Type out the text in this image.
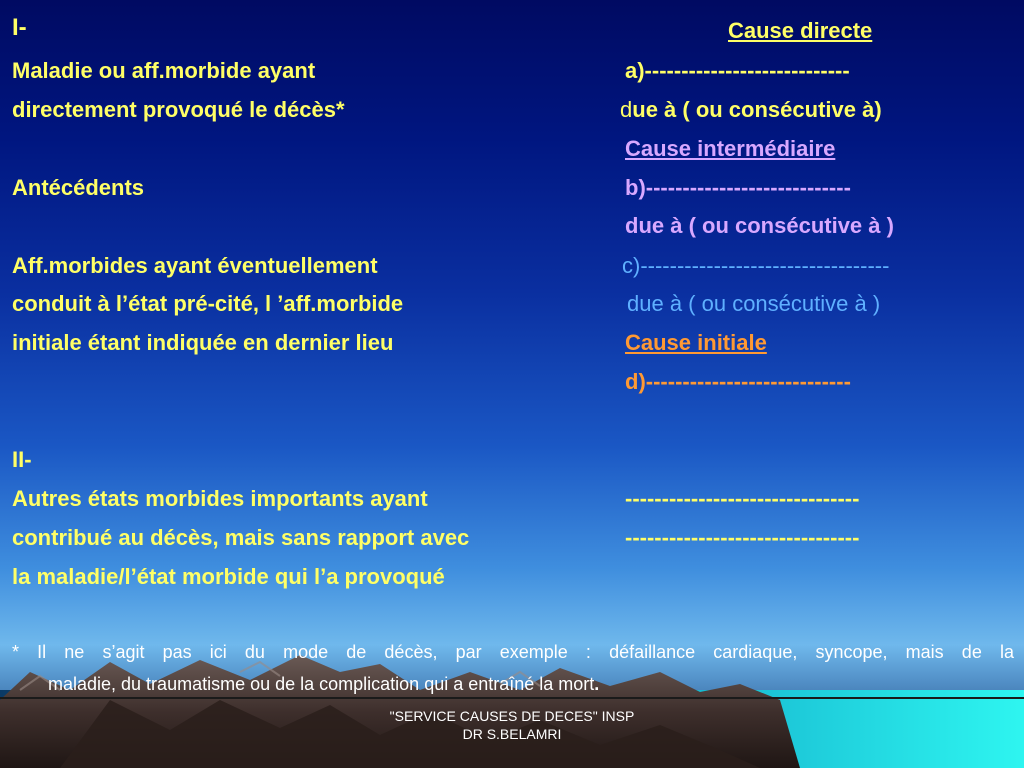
I-	Cause directe
Maladie ou aff.morbide ayant	a)----------------------------
directement provoqué le décès*	due à ( ou consécutive à)
Cause intermédiaire
Antécédents	b)----------------------------
due à ( ou consécutive à )
Aff.morbides ayant éventuellement	c)----------------------------------
conduit à l’état pré-cité, l ’aff.morbide	due à ( ou consécutive à )
initiale étant indiquée en dernier lieu	Cause initiale
d)----------------------------
II-
Autres états morbides importants ayant	--------------------------------
contribué au décès, mais sans rapport avec	--------------------------------
la maladie/l’état morbide qui l’a provoqué
* Il ne s’agit pas ici du mode de décès, par exemple : défaillance cardiaque, syncope, mais de la
maladie, du traumatisme ou de la complication qui a entraîné la mort.
"SERVICE CAUSES DE DECES" INSP
DR S.BELAMRI
